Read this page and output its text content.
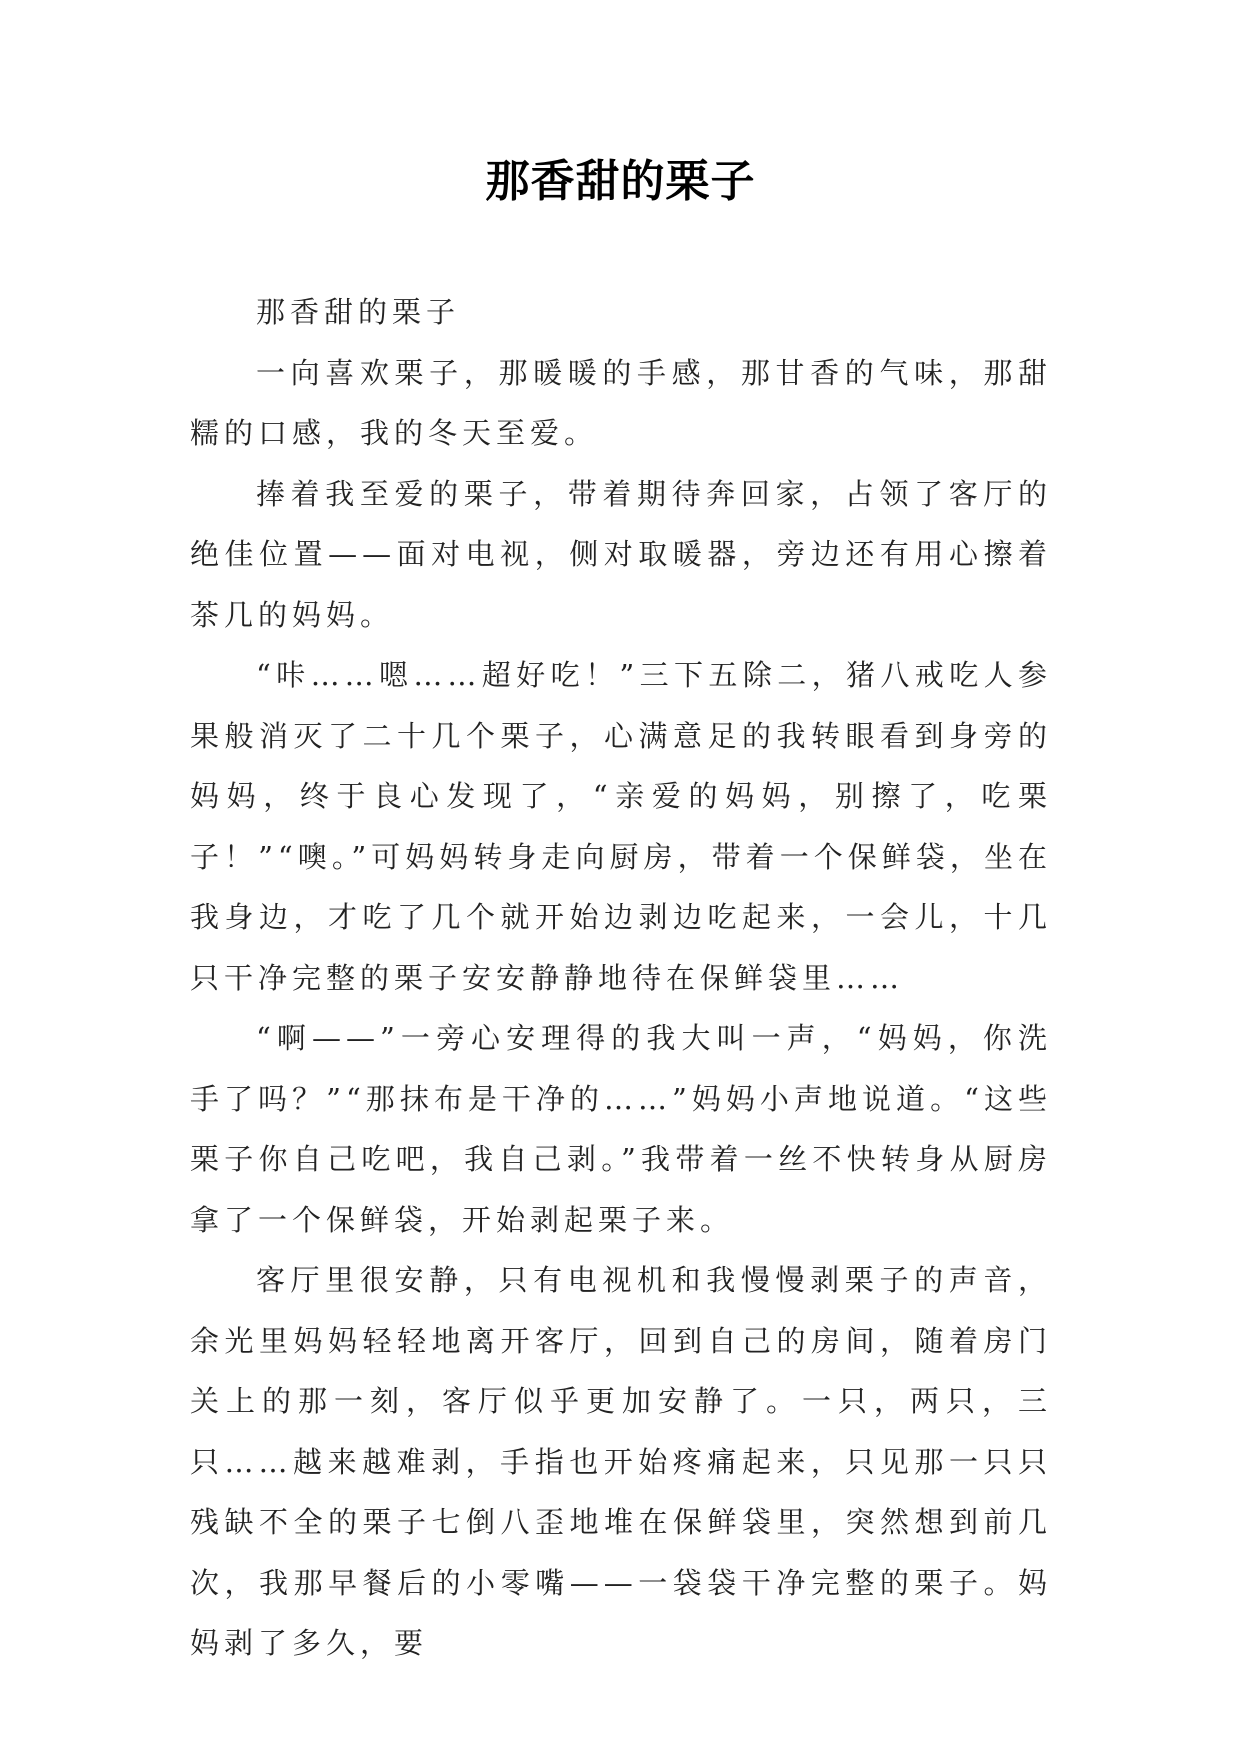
那香甜的栗子

那香甜的栗子

一向喜欢栗子，那暖暖的手感，那甘香的气味，那甜糯的口感，我的冬天至爱。

捧着我至爱的栗子，带着期待奔回家，占领了客厅的绝佳位置——面对电视，侧对取暖器，旁边还有用心擦着茶几的妈妈。

“咔……嗯……超好吃！”三下五除二，猪八戒吃人参果般消灭了二十几个栗子，心满意足的我转眼看到身旁的妈妈，终于良心发现了，“亲爱的妈妈，别擦了，吃栗子！”“噢。”可妈妈转身走向厨房，带着一个保鲜袋，坐在我身边，才吃了几个就开始边剥边吃起来，一会儿，十几只干净完整的栗子安安静静地待在保鲜袋里……

“啊——”一旁心安理得的我大叫一声，“妈妈，你洗手了吗？”“那抹布是干净的……”妈妈小声地说道。“这些栗子你自己吃吧，我自己剥。”我带着一丝不快转身从厨房拿了一个保鲜袋，开始剥起栗子来。

客厅里很安静，只有电视机和我慢慢剥栗子的声音，余光里妈妈轻轻地离开客厅，回到自己的房间，随着房门关上的那一刻，客厅似乎更加安静了。一只，两只，三只……越来越难剥，手指也开始疼痛起来，只见那一只只残缺不全的栗子七倒八歪地堆在保鲜袋里，突然想到前几次，我那早餐后的小零嘴——一袋袋干净完整的栗子。妈妈剥了多久，要
